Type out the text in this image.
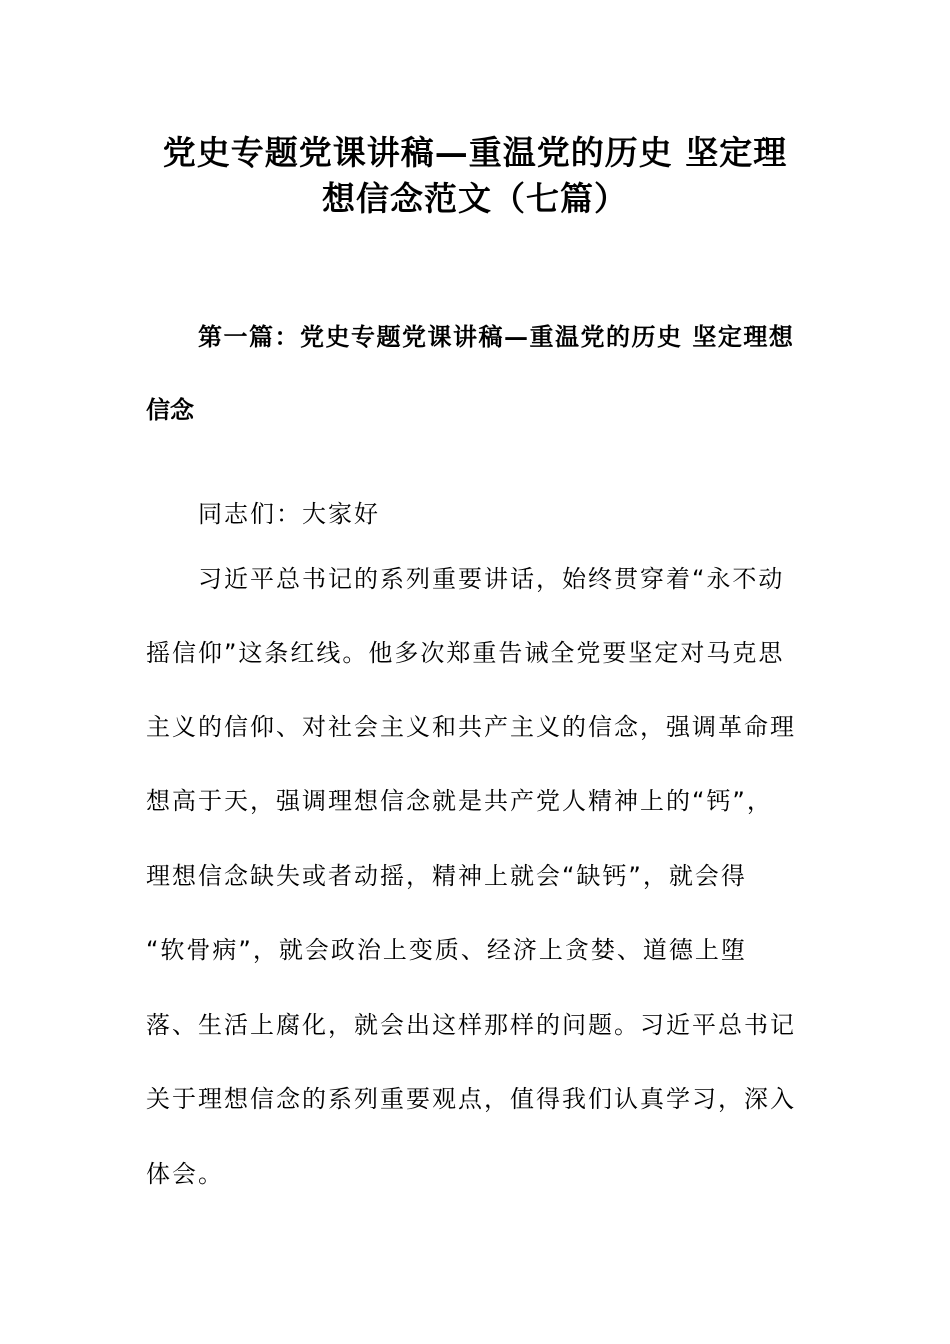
党史专题党课讲稿—重温党的历史 坚定理
想信念范文（七篇）
第一篇：党史专题党课讲稿—重温党的历史 坚定理想
信念
同志们：大家好
习近平总书记的系列重要讲话，始终贯穿着“永不动
摇信仰”这条红线。他多次郑重告诫全党要坚定对马克思
主义的信仰、对社会主义和共产主义的信念，强调革命理
想高于天，强调理想信念就是共产党人精神上的“钙”，
理想信念缺失或者动摇，精神上就会“缺钙”，就会得
“软骨病”，就会政治上变质、经济上贪婪、道德上堕
落、生活上腐化，就会出这样那样的问题。习近平总书记
关于理想信念的系列重要观点，值得我们认真学习，深入
体会。
